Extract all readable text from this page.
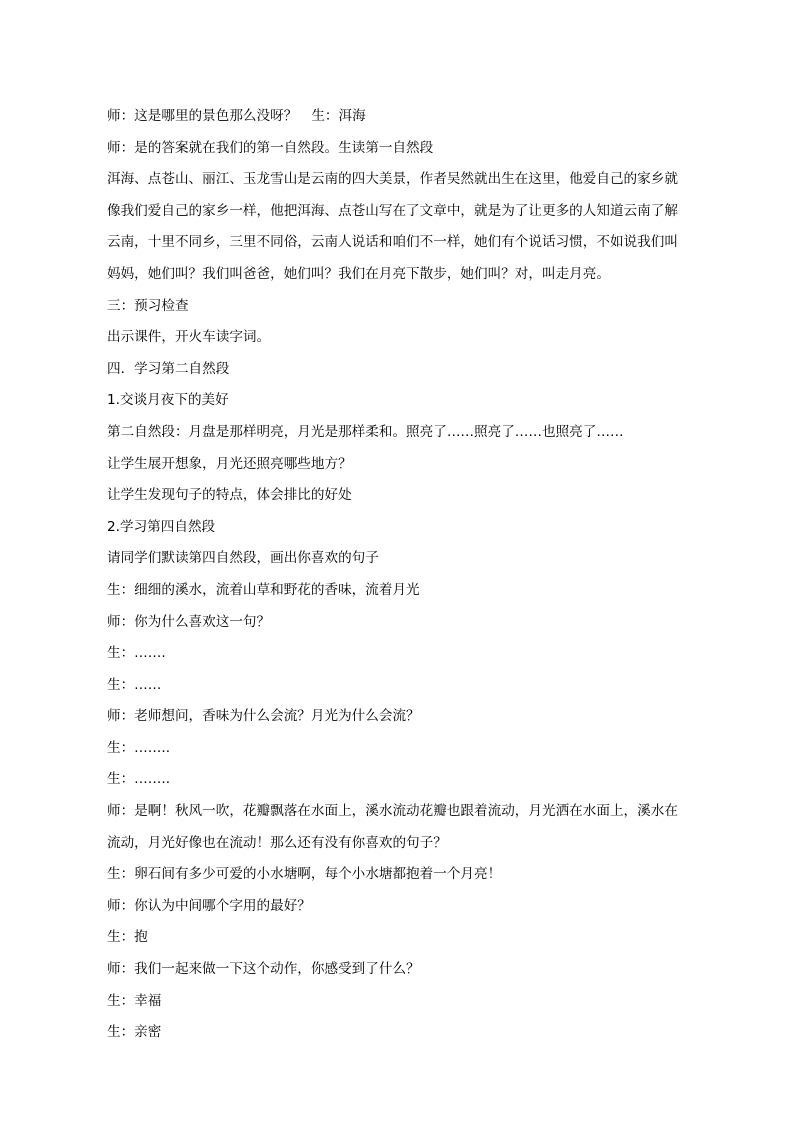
师：这是哪里的景色那么没呀？ 生：洱海
师：是的答案就在我们的第一自然段。生读第一自然段
洱海、点苍山、丽江、玉龙雪山是云南的四大美景，作者吴然就出生在这里，他爱自己的家乡就
像我们爱自己的家乡一样，他把洱海、点苍山写在了文章中，就是为了让更多的人知道云南了解
云南，十里不同乡，三里不同俗，云南人说话和咱们不一样，她们有个说话习惯，不如说我们叫
妈妈，她们叫？我们叫爸爸，她们叫？我们在月亮下散步，她们叫？对，叫走月亮。
三：预习检查
出示课件，开火车读字词。
四．学习第二自然段
1.交谈月夜下的美好
第二自然段：月盘是那样明亮，月光是那样柔和。照亮了……照亮了……也照亮了……
让学生展开想象，月光还照亮哪些地方？
让学生发现句子的特点，体会排比的好处
2.学习第四自然段
请同学们默读第四自然段，画出你喜欢的句子
生：细细的溪水，流着山草和野花的香味，流着月光
师：你为什么喜欢这一句？
生：…….
生：……
师：老师想问，香味为什么会流？月光为什么会流？
生：……..
生：……..
师：是啊！秋风一吹，花瓣飘落在水面上，溪水流动花瓣也跟着流动，月光洒在水面上，溪水在
流动，月光好像也在流动！那么还有没有你喜欢的句子？
生：卵石间有多少可爱的小水塘啊，每个小水塘都抱着一个月亮！
师：你认为中间哪个字用的最好？
生：抱
师：我们一起来做一下这个动作，你感受到了什么？
生：幸福
生：亲密
